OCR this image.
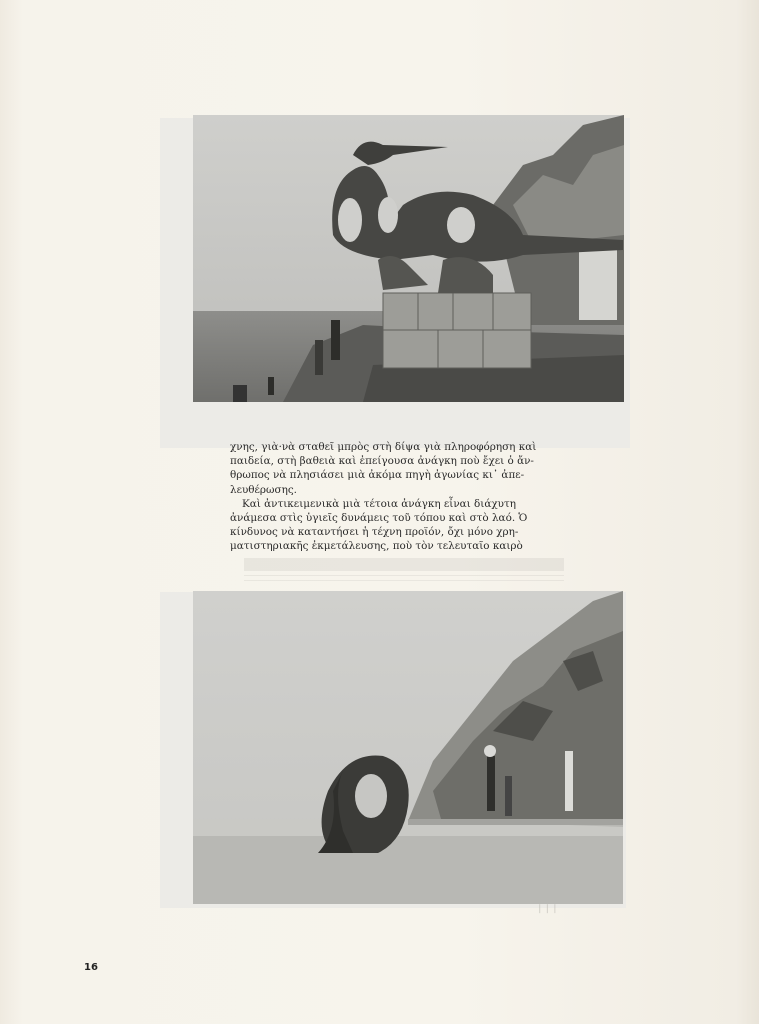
χνης, γιὰ·νὰ σταθεῖ μπρὸς στὴ δίψα γιὰ πληροφόρηση καὶ

παιδεία, στὴ βαθειὰ καὶ ἐπείγουσα ἀνάγκη ποὺ ἔχει ὁ ἄν-

θρωπος νὰ πλησιάσει μιὰ ἀκόμα πηγὴ ἀγωνίας κι᾽ ἀπε-

λευθέρωσης.

Καὶ ἀντικειμενικὰ μιὰ τέτοια ἀνάγκη εἶναι διάχυτη

ἀνάμεσα στὶς ὑγιεῖς δυνάμεις τοῦ τόπου καὶ στὸ λαό. Ὁ

κίνδυνος νὰ καταντήσει ἡ τέχνη προϊόν, ὄχι μόνο χρη-

ματιστηριακῆς ἐκμετάλευσης, ποὺ τὸν τελευταῖο καιρὸ

❘❘❘
16
